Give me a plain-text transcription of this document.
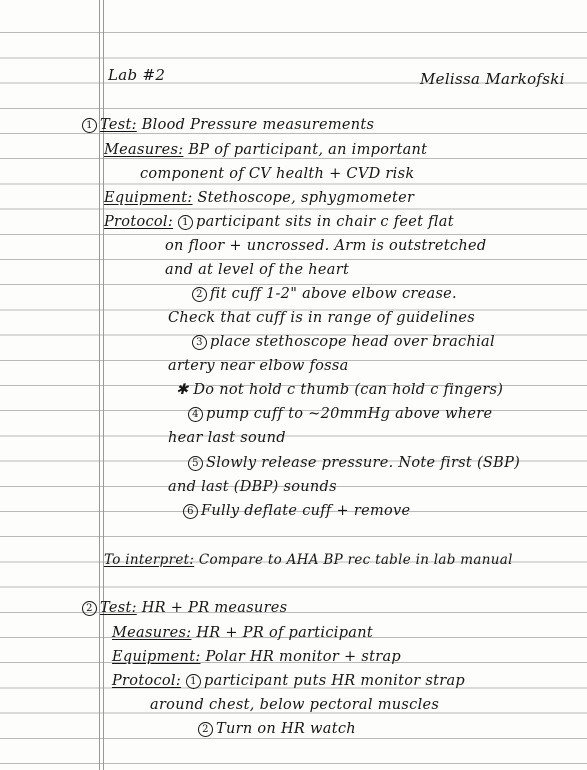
Lab #2	Melissa Markofski
1 Test: Blood Pressure measurements
Measures: BP of participant, an important
component of CV health + CVD risk
Equipment: Stethoscope, sphygmometer
Protocol: 1 participant sits in chair c feet flat
on floor + uncrossed. Arm is outstretched
and at level of the heart
2 fit cuff 1-2" above elbow crease.
Check that cuff is in range of guidelines
3 place stethoscope head over brachial
artery near elbow fossa
✱ Do not hold c thumb (can hold c fingers)
4 pump cuff to ~20mmHg above where
hear last sound
5 Slowly release pressure. Note first (SBP)
and last (DBP) sounds
6 Fully deflate cuff + remove
To interpret: Compare to AHA BP rec table in lab manual
2 Test: HR + PR measures
Measures: HR + PR of participant
Equipment: Polar HR monitor + strap
Protocol: 1 participant puts HR monitor strap
around chest, below pectoral muscles
2 Turn on HR watch
